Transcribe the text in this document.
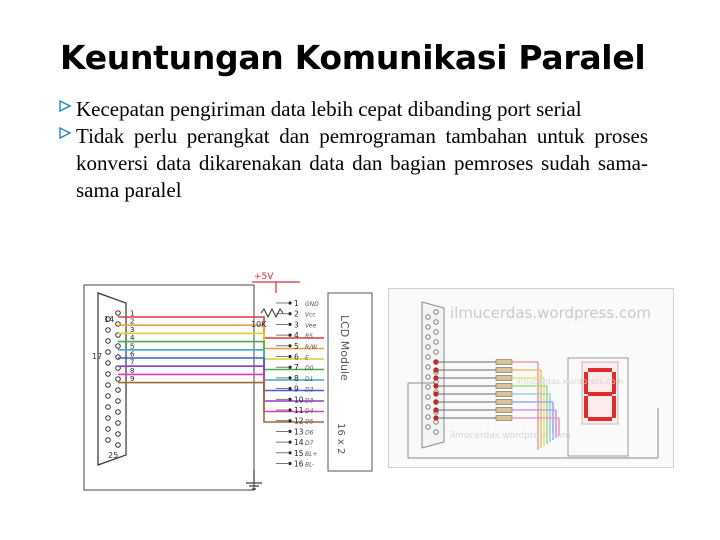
Keuntungan Komunikasi Paralel
Kecepatan pengiriman data lebih cepat dibanding port serial
Tidak perlu perangkat dan pemrograman tambahan untuk proses konversi data dikarenakan data dan bagian pemroses sudah sama-sama paralel
1
2
3
4
5
6
7
8
9
1 GND
2 Vcc
3 Vee
4 RS
5 R/W
6 E
7 D0
8 D1
9 D2
10 D3
11 D4
12 D5
13 D6
14 D7
15 BL+
16 BL-
+5V
10K
14
17
25
LCD Module
16 x 2
ilmucerdas.wordpress.com
ilmucerdas.wordpress.com
ilmucerdas.wordpress.com
